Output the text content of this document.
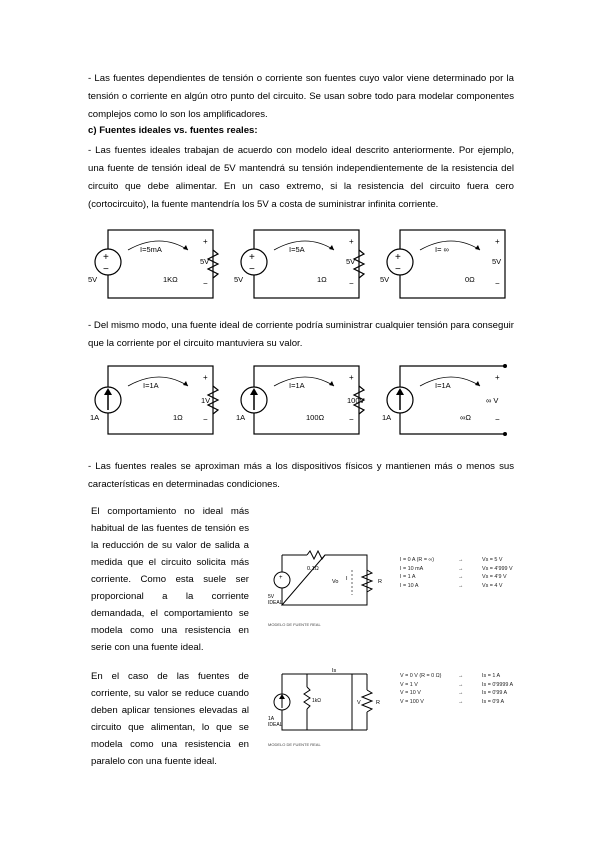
- Las fuentes dependientes de tensión o corriente son fuentes cuyo valor viene determinado por la tensión o corriente en algún otro punto del circuito. Se usan sobre todo para modelar componentes complejos como lo son los amplificadores.
c) Fuentes ideales vs. fuentes reales:
- Las fuentes ideales trabajan de acuerdo con modelo ideal descrito anteriormente. Por ejemplo, una fuente de tensión ideal de 5V mantendrá su tensión independientemente de la resistencia del circuito que debe alimentar. En un caso extremo, si la resistencia del circuito fuera cero (cortocircuito), la fuente mantendría los 5V a costa de suministrar infinita corriente.
+
−
+
−
I=5mA
5V
5V
1KΩ
+
−
+
−
I=5A
5V
5V
1Ω
+
−
+
−
I= ∞
5V
5V
0Ω
- Del mismo modo, una fuente ideal de corriente podría suministrar cualquier tensión para conseguir que la corriente por el circuito mantuviera su valor.
+
−
I=1A
1A
1V
1Ω
+
−
I=1A
1A
100V
100Ω
+
−
I=1A
1A
∞ V
∞Ω
- Las fuentes reales se aproximan más a los dispositivos físicos y mantienen más o menos sus características en determinadas condiciones.
El comportamiento no ideal más habitual de las fuentes de tensión es la reducción de su valor de salida a medida que el circuito solicita más corriente. Como esta suele ser proporcional a la corriente demandada, el comportamiento se modela como una resistencia en serie con una fuente ideal.
+
0.1Ω
5V
IDEAL
Vo I	R
MODELO DE FUENTE REAL
I = 0 A (R = ∞)	→	Vs = 5 V
I = 10 mA	→	Vs = 4'999 V
I = 1 A	→	Vs = 4'9 V
I = 10 A	→	Vs = 4 V
En el caso de las fuentes de corriente, su valor se reduce cuando deben aplicar tensiones elevadas al circuito que alimentan, lo que se modela como una resistencia en paralelo con una fuente ideal.
1kΩ
1A
IDEAL
Is
V	R
MODELO DE FUENTE REAL
V = 0 V (R = 0 Ω)	→	Is = 1 A
V = 1 V	→	Is = 0'9999 A
V = 10 V	→	Is = 0'99 A
V = 100 V	→	Is = 0'9 A
